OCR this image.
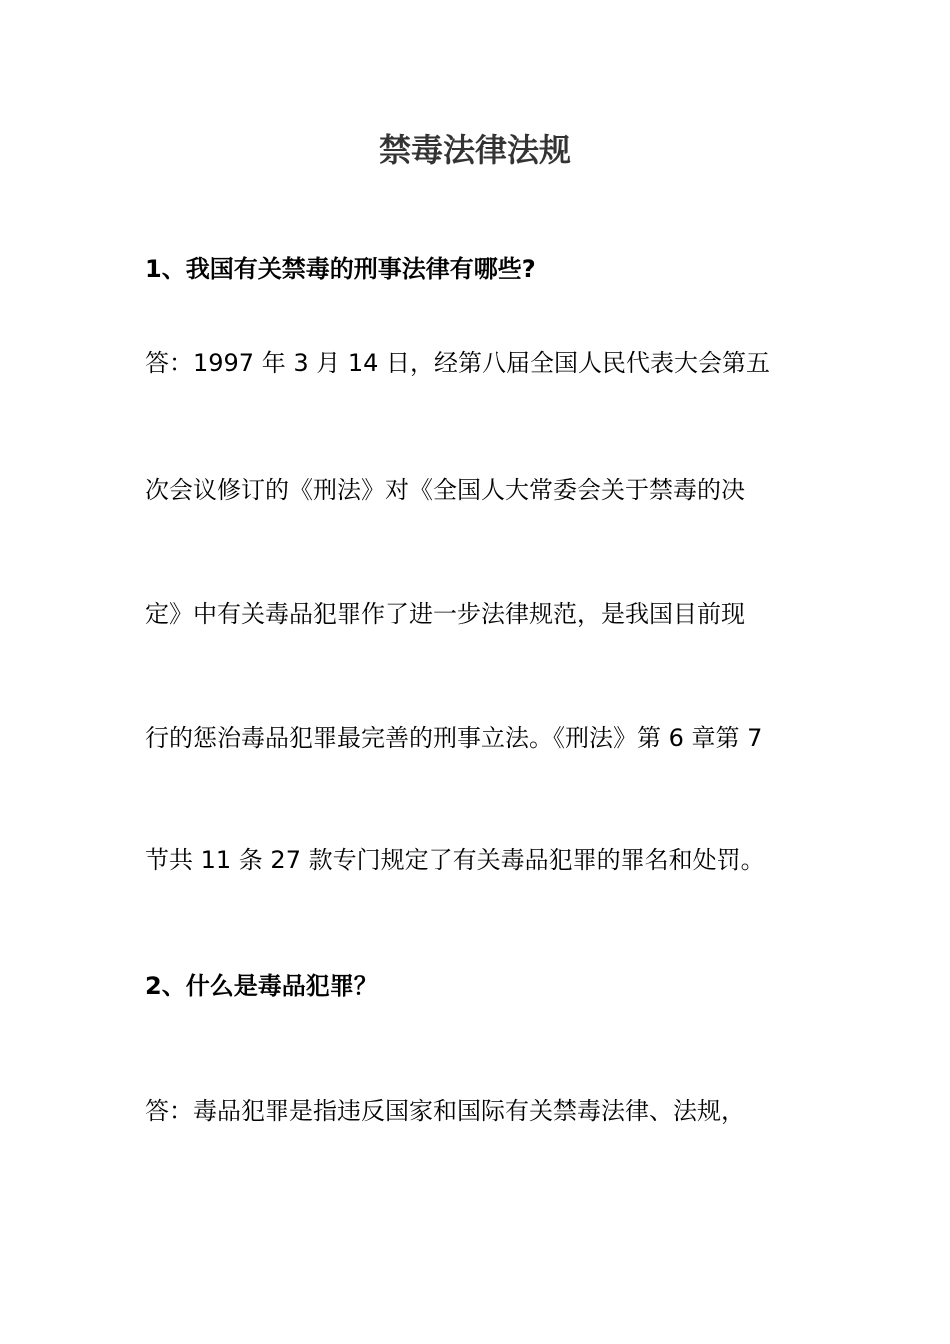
禁毒法律法规

1、我国有关禁毒的刑事法律有哪些?

答：1997 年 3 月 14 日，经第八届全国人民代表大会第五

次会议修订的《刑法》对《全国人大常委会关于禁毒的决

定》中有关毒品犯罪作了进一步法律规范，是我国目前现

行的惩治毒品犯罪最完善的刑事立法。《刑法》第 6 章第 7

节共 11 条 27 款专门规定了有关毒品犯罪的罪名和处罚。

2、什么是毒品犯罪？

答：毒品犯罪是指违反国家和国际有关禁毒法律、法规，
